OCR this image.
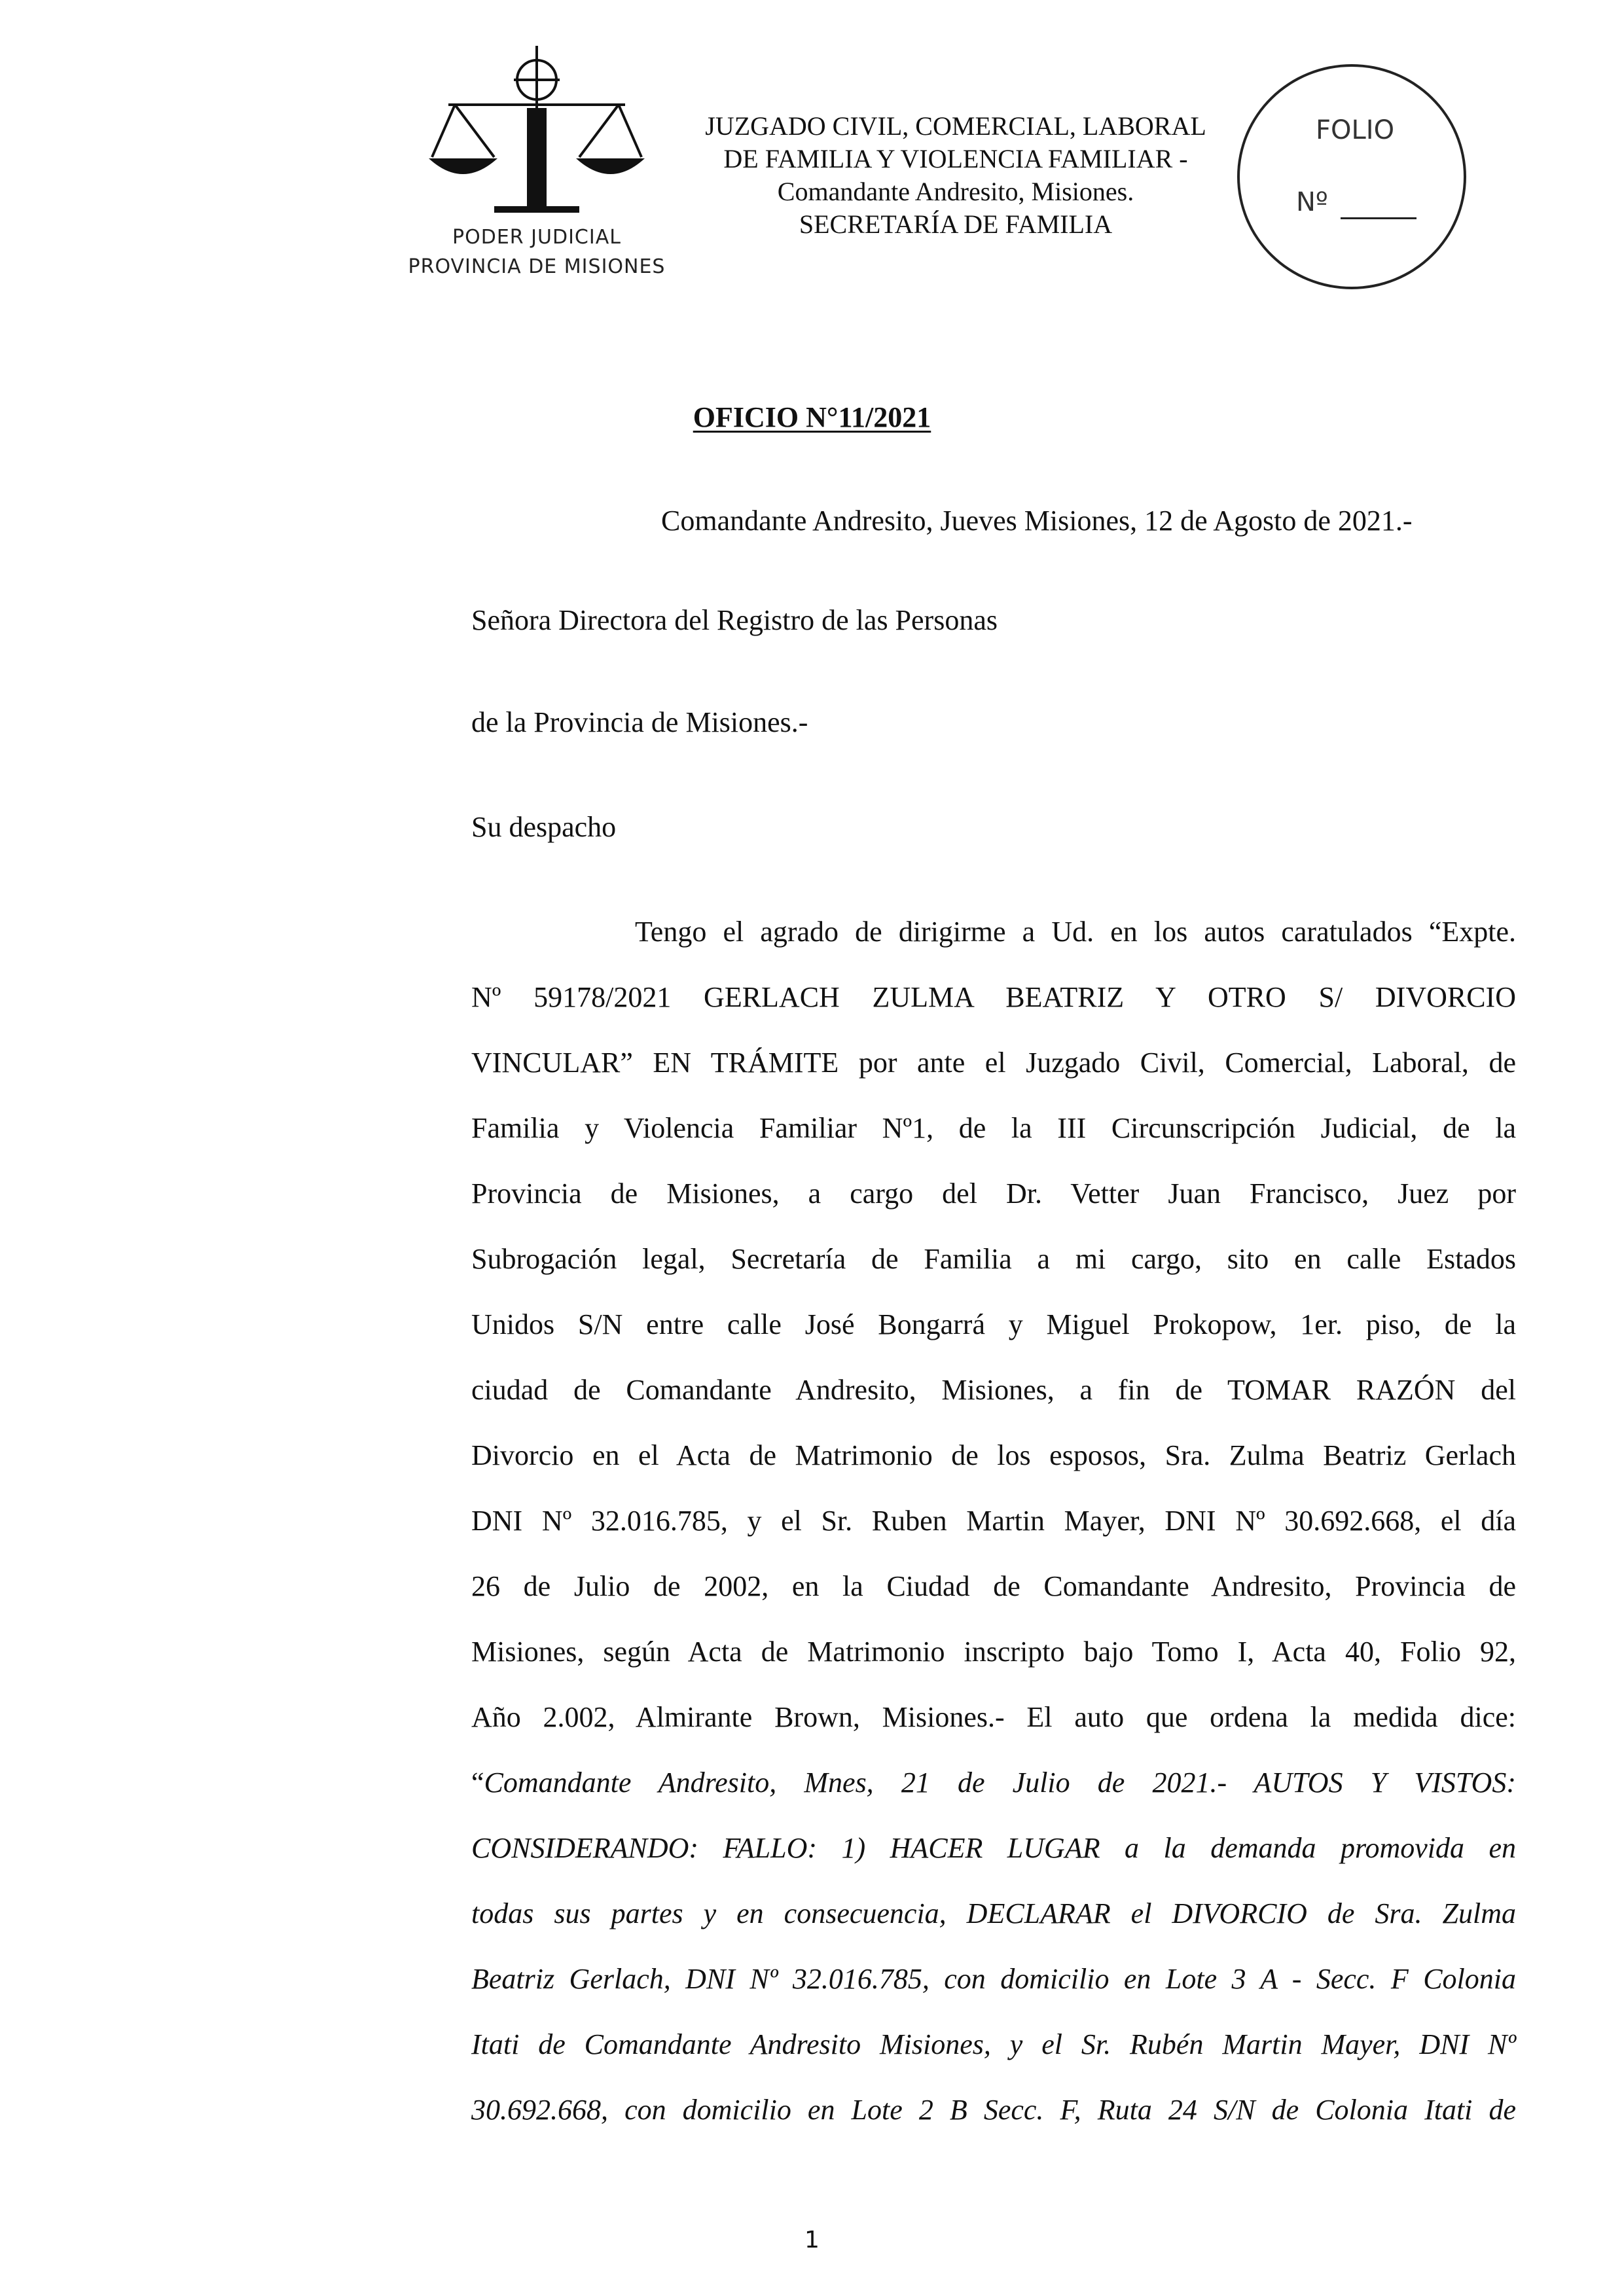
PODER JUDICIAL
PROVINCIA DE MISIONES
JUZGADO CIVIL, COMERCIAL, LABORAL
DE FAMILIA Y VIOLENCIA FAMILIAR -
Comandante Andresito, Misiones.
SECRETARÍA DE FAMILIA
FOLIO
Nº
OFICIO N°11/2021
Comandante Andresito, Jueves Misiones, 12 de Agosto de 2021.-
Señora Directora del Registro de las Personas
de la Provincia de Misiones.-
Su despacho
Tengo el agrado de dirigirme a Ud. en los autos caratulados “Expte.
Nº 59178/2021 GERLACH ZULMA BEATRIZ Y OTRO S/ DIVORCIO
VINCULAR” EN TRÁMITE por ante el Juzgado Civil, Comercial, Laboral, de
Familia y Violencia Familiar Nº1, de la III Circunscripción Judicial, de la
Provincia de Misiones, a cargo del Dr. Vetter Juan Francisco, Juez por
Subrogación legal, Secretaría de Familia a mi cargo, sito en calle Estados
Unidos S/N entre calle José Bongarrá y Miguel Prokopow, 1er. piso, de la
ciudad de Comandante Andresito, Misiones, a fin de TOMAR RAZÓN del
Divorcio en el Acta de Matrimonio de los esposos, Sra. Zulma Beatriz Gerlach
DNI Nº 32.016.785, y el Sr. Ruben Martin Mayer, DNI Nº 30.692.668, el día
26 de Julio de 2002, en la Ciudad de Comandante Andresito, Provincia de
Misiones, según Acta de Matrimonio inscripto bajo Tomo I, Acta 40, Folio 92,
Año 2.002, Almirante Brown, Misiones.- El auto que ordena la medida dice:
“Comandante Andresito, Mnes, 21 de Julio de 2021.- AUTOS Y VISTOS:
CONSIDERANDO: FALLO: 1) HACER LUGAR a la demanda promovida en
todas sus partes y en consecuencia, DECLARAR el DIVORCIO de Sra. Zulma
Beatriz Gerlach, DNI Nº 32.016.785, con domicilio en Lote 3 A - Secc. F Colonia
Itati de Comandante Andresito Misiones, y el Sr. Rubén Martin Mayer, DNI Nº
30.692.668, con domicilio en Lote 2 B Secc. F, Ruta 24 S/N de Colonia Itati de
1
